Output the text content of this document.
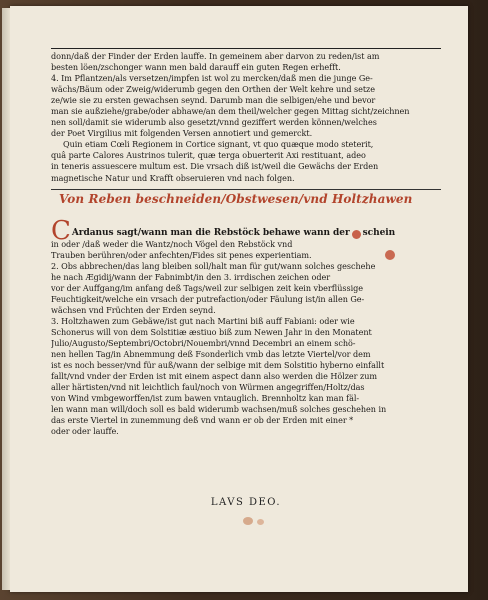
donn/daß der Finder der Erden lauffe. In gemeinem aber darvon zu reden/ist am
besten löen/zschonger wann men bald darauff ein guten Regen erhefft.
4. Im Pflantzen/als versetzen/impfen ist wol zu mercken/daß men die junge Ge-
wächs/Bäum oder Zweig/widerumb gegen den Orthen der Welt kehre und setze
ze/wie sie zu ersten gewachsen seynd. Darumb man die selbigen/ehe und bevor
man sie außziehe/grabe/oder abhawe/an dem theil/welcher gegen Mittag sicht/zeichnen
nen soll/damit sie widerumb also gesetzt/vnnd geziffert werden können/welches
der Poet Virgilius mit folgenden Versen annotiert und gemerckt.
Quin etiam Cœli Regionem in Cortice signant, vt quo quæque modo steterit,
quâ parte Calores Austrinos tulerit, quæ terga obuerterit Axi restituant, adeo
in teneris assuescere multum est. Die vrsach diß ist/weil die Gewächs der Erden
magnetische Natur und Krafft obseruieren vnd nach folgen.
Von Reben beschneiden/Obstwesen/vnd Holtzhawen
C Ardanus sagt/wann man die Rebstöck behawe wann der schein
in oder /daß weder die Wantz/noch Vögel den Rebstöck vnd
Trauben berühren/oder anfechten/Fides sit penes experientiam.
2. Obs abbrechen/das lang bleiben soll/halt man für gut/wann solches geschehe
he nach Ægidij/wann der Fabnimbt/in den 3. irrdischen zeichen oder
vor der Auffgang/im anfang deß Tags/weil zur selbigen zeit kein vberflüssige
Feuchtigkeit/welche ein vrsach der putrefaction/oder Fäulung ist/in allen Ge-
wächsen vnd Früchten der Erden seynd.
3. Holtzhawen zum Gebäwe/ist gut nach Martini biß auff Fabiani: oder wie
Schonerus will von dem Solstitiæ æstiuo biß zum Newen Jahr in den Monatent
Julio/Augusto/Septembri/Octobri/Nouembri/vnnd Decembri an einem schö-
nen hellen Tag/in Abnemmung deß Fsonderlich vmb das letzte Viertel/vor dem
ist es noch besser/vnd für auß/wann der selbige mit dem Solstitio hyberno einfallt
fallt/vnd vnder der Erden ist mit einem aspect dann also werden die Hölzer zum
aller härtisten/vnd nit leichtlich faul/noch von Würmen angegriffen/Holtz/das
von Wind vmbgeworffen/ist zum bawen vntauglich. Brennholtz kan man fäl-
len wann man will/doch soll es bald widerumb wachsen/muß solches geschehen in
das erste Viertel in zunemmung deß vnd wann er ob der Erden mit einer *
oder oder lauffe.
LAVS DEO.
